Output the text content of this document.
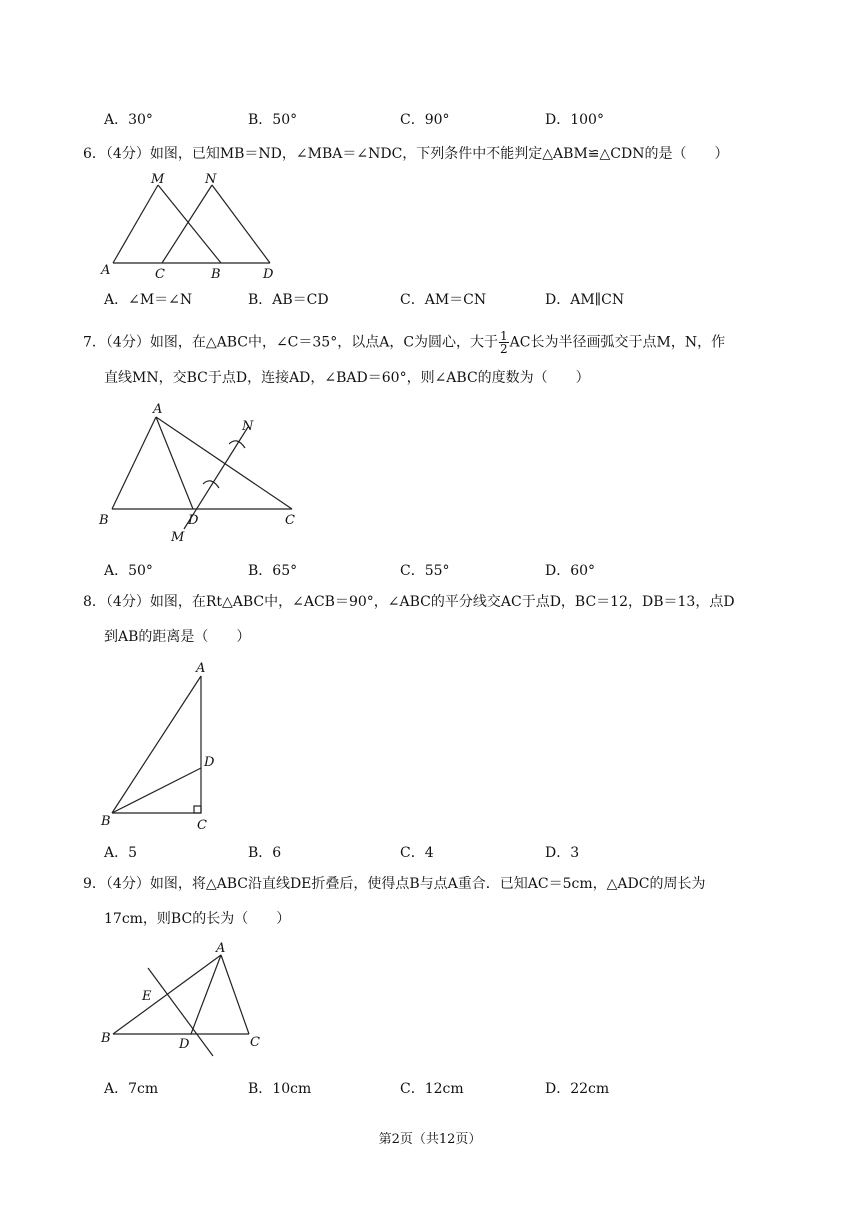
A．30°	B．50°	C．90°	D．100°
6．（4分）如图，已知MB＝ND，∠MBA＝∠NDC，下列条件中不能判定△ABM≌△CDN的是（　　）
M	N
A	C	B	D
A．∠M＝∠N	B．AB＝CD	C．AM＝CN	D．AM∥CN
7．（4分）如图，在△ABC中，∠C＝35°，以点A，C为圆心，大于 $\frac{1}{2}$ AC长为半径画弧交于点M，N，作
直线MN，交BC于点D，连接AD，∠BAD＝60°，则∠ABC的度数为（　　）
A
N
B	D	C
M
A．50°	B．65°	C．55°	D．60°
8．（4分）如图，在Rt△ABC中，∠ACB＝90°，∠ABC的平分线交AC于点D，BC＝12，DB＝13，点D
到AB的距离是（　　）
A
D
B	C
A．5	B．6	C．4	D．3
9．（4分）如图，将△ABC沿直线DE折叠后，使得点B与点A重合．已知AC＝5cm，△ADC的周长为
17cm，则BC的长为（　　）
A
E
B	D	C
A．7cm	B．10cm	C．12cm	D．22cm
第2页（共12页）
